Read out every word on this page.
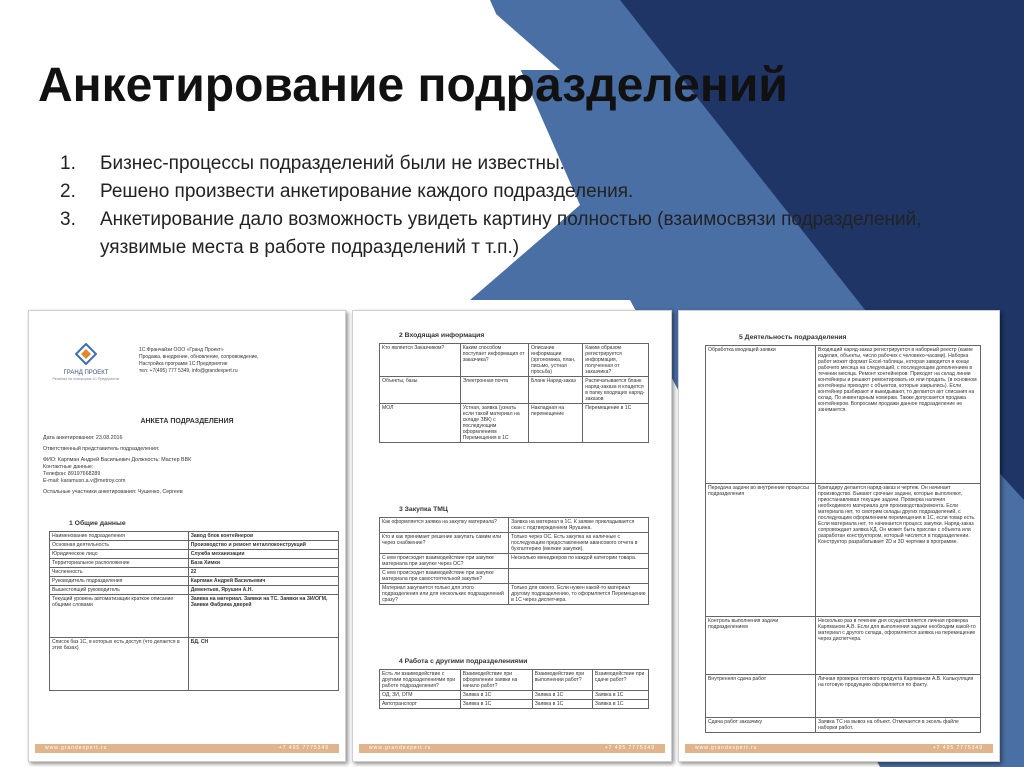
Анкетирование подразделений
1.	Бизнес-процессы подразделений были не известны.
2.	Решено произвести анкетирование каждого подразделения.
3.	Анкетирование дало возможность увидеть картину полностью (взаимосвязи подразделений, уязвимые места в работе подразделений т т.п.)
ГРАНД ПРОЕКТ
Решения на платформе 1С:Предприятие
1С:Франчайзи ООО «Гранд Проект»
Продажа, внедрение, обновление, сопровождение,
Настройка программ 1С:Предприятие
тел: +7(495) 777 5349, info@grandexpert.ru
АНКЕТА ПОДРАЗДЕЛЕНИЯ
Дата анкетирования: 23.08.2016
Ответственный представитель подразделения:
ФИО: Карпман Андрей Васильевич Должность: Мастер ВВК
Контактные данные:
Телефон: 89197668289
E-mail: karamusn.a.v@metroy.com
Остальные участники анкетирования: Чушенко, Сергеев
1 Общие данные
Наименование подразделения	Завод блок контейнеров
Основная деятельность	Производство и ремонт металлоконструкций
Юридическое лицо	Служба механизации
Территориальное расположение	База Химки
Численность	22
Руководитель подразделения	Карпман Андрей Васильевич
Вышестоящий руководитель	Дементьев, Ярушин А.Н.
Текущий уровень автоматизации краткое описание общими словами	Заявка на материал. Заявки на ТС. Заявки на ЗИ/ОГМ, Заявки Фабрика дверей
Список баз 1С, в которых есть доступ (что делается в этих базах)	БД, СН
www.grandexpert.ru	+7 495 7775349
2 Входящая информация
Кто является Заказчиком?	Каким способом поступает информация от заказчика?	Описание информации (эргономика, план, письмо, устная просьба)	Каким образом регистрируется информация, полученная от заказчика?
Объекты, базы	Электронная почта	Бланк Наряд-заказ	Распечатывается бланк наряд-заказа и кладется в папку входящих наряд-заказов
МОЛ	Устная, заявка (узнать если такой материал на складе ЗВК) с последующим оформлением Перемещения в 1С	Накладная на перемещение	Перемещение в 1С
3 Закупка ТМЦ
Как оформляется заявка на закупку материала?	Заявка на материал в 1С. К заявке прикладывается скан с подтверждением Ярушина.
Кто и как принимает решение закупать самим или через снабжение?	Только через ОС. Есть закупка на наличные с последующим предоставлением авансового отчета в бухгалтерию (мелкие закупки).
С кем происходит взаимодействие при закупке материала при закупке через ОС?	Несколько менеджеров по каждой категории товара.
С кем происходит взаимодействие при закупке материала при самостоятельной закупке?	
Материал закупается только для этого подразделения или для нескольких подразделений сразу?	Только для своего. Если нужен какой-то материал другому подразделению, то оформляется Перемещение в 1С через диспетчера.
4 Работа с другими подразделениями
Есть ли взаимодействие с другими подразделениями при работе подразделения?	Взаимодействие при оформлении заявки на начало работ?	Взаимодействие при выполнении работ?	Взаимодействие при сдаче работ?
ОД, ЗИ, ОГМ	Заявка в 1С	Заявка в 1С	Заявка в 1С
Автотранспорт	Заявка в 1С	Заявка в 1С	Заявка в 1С
www.grandexpert.ru	+7 495 7775349
5 Деятельность подразделения
Обработка входящей заявки	Входящий наряд-заказ регистрируется в наборный реестр (какие изделия, объекты, число рабочих с человеко-часами). Наборка работ может формат Excel-таблицы, которая заводится в конце рабочего месяца на следующий, с последующим дополнением в течении месяца. Ремонт контейнеров: Приходят на склад линии контейнеры и решают ремонтировать их или продать. (в основном контейнеры приходят с объектов, которые закрылись). Если контейнер разбирают и выкидывают, то делается акт списания на склад. По инвентарным номерам. Также допускается продажа контейнеров. Вопросами продажи данное подразделение не занимается.
Передача задачи во внутренние процессы подразделения	Бригадиру делается наряд-заказ и чертеж. Он начинает производство. Бывают срочные задачи, которые выполняют, приостанавливая текущие задачи. Проверка наличия необходимого материала для производства/ремонта. Если материала нет, то смотрим склады других подразделений, с последующим оформлением перемещения в 1С, если товар есть. Если материала нет, то начинается процесс закупки. Наряд-заказ сопровождает заявка КД. Он может быть прислан с объекта или разработан конструктором, который числится в подразделении. Конструктор разрабатывает 2D и 3D чертежи в программе.
Контроль выполнения задачи подразделением	Несколько раз в течение дня осуществляется личная проверка Карпманом А.В. Если для выполнения задачи необходим какой-то материал с другого склада, оформляется заявка на перемещение через диспетчера.
Внутренняя сдача работ	Личная проверка готового продукта Карпманом А.В. Калькуляция на готовую продукцию оформляется по факту.
Сдача работ заказчику	Заявка ТС на вывоз на объект. Отмечается в эксель файле наборки работ.
www.grandexpert.ru	+7 495 7775349
